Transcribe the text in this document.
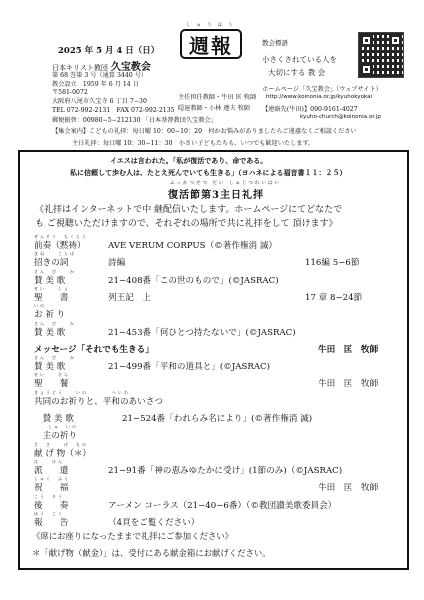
2025 年 5 月 4 日（日）
日本キリスト教団 久宝教会
第 68 巻第 3 号（通算 3440 号）
教会設立　1959 年 6 月 14 日
しゅうほう
週報	教会標語
小さくされている人を
大切にする 教 会
〒581-0072
大阪府八尾市久宝寺 6 丁目 7−30
TEL 072-992-2131　FAX 072-992-2135
郵便振替：00980−5−212130 「日本基督教団久宝教会」
主任担任教師・牛田 匡 牧師
隠退教師・小林 遵夫 牧師
ホームページ「久宝教会」（ウェブサイト）
http://www.koinonia.or.jp/kyuhokyokai
【連絡先(牛田)】090-9161-4027
kyuho-church@koinonia.or.jp
【集会案内】こどもの礼拝：毎日曜 10：00−10：20　何かお悩みがありましたらご遠慮なくご相談ください
主日礼拝：毎日曜 10：30−11：30　小さい子どもたちも、いつでも歓迎いたします。
イエスは言われた。「私が復活であり、命である。
私に信頼して歩む人は、たとえ死んでいても生きる」（ヨハネによる福音書１１：２５）
ふっかつせつ だい しゅじつれいはい
復活節第3主日礼拝
《礼拝はインターネットで中 継配信いたします。ホームページにてどなたで
も ご視聴いただけますので、それぞれの場所で共に礼拝をして 頂けます》
ぜんそう　もくとう
前奏（黙祷）	AVE VERUM CORPUS（©著作権消 滅）
まね　　ことば
招きの詞	詩編	116編 5−6節
さん　び　　か
賛 美 歌	21−408番「この世のもので」(©JASRAC)
せい　　しょ
聖　　書	列王記　上	17 章 8−24節
いの
お 祈 り
さん　び　　か
賛 美 歌	21−453番「何ひとつ持たないで」(©JASRAC)
メッセージ「それでも生きる」	牛田　匡　牧師
さん　び　　か
賛 美 歌	21−499番「平和の道具と」(©JASRAC)
せい　　さん
聖　　餐	牛田　匡　牧師
きょうどう　　いの　　　　へいわ
共同のお祈りと、平和のあいさつ
　賛 美 歌	21−524番「われらみ名により」(©著作権消 滅)
しゅ　いの
　主の祈り
さ　さ　　げ　もの
献 げ 物（＊）
は　　けん
派　　遣	21−91番「神の恵みゆたかに受け」(1節のみ)（©JASRAC)
しゅく　ふく
祝　　福	牛田　匡　牧師
こう　そう
後　　奏	アーメン コーラス（21−40−6番）（©教団讃美歌委員会）
ほう　こく
報　　告	（4頁をご覧ください）
《席にお座りになったままで礼拝にご参加ください》
＊「献げ物（献金）」は、受付にある献金箱にお献げください。
